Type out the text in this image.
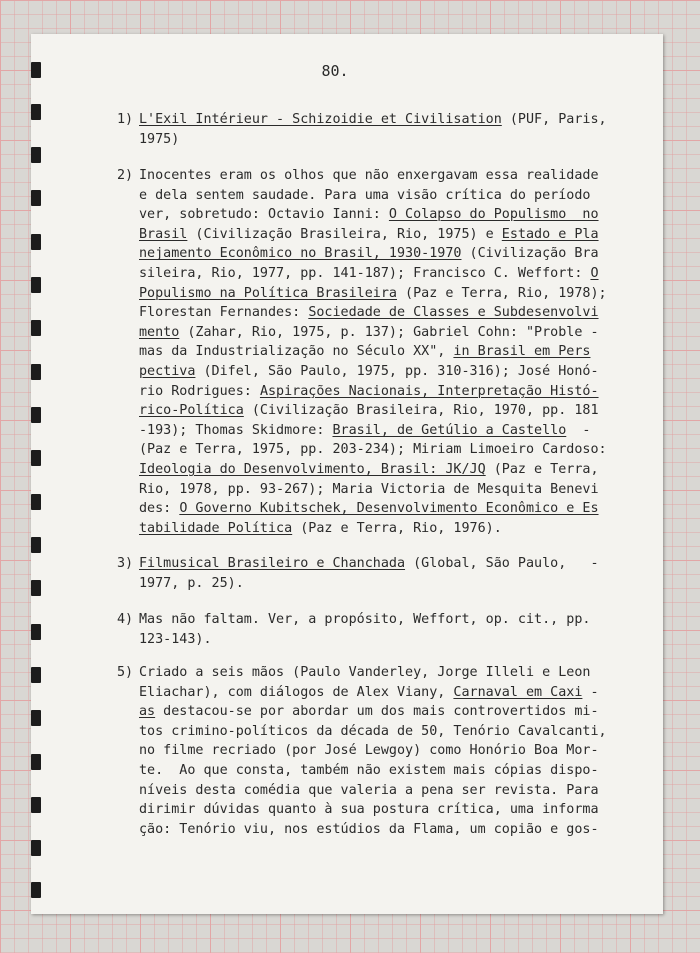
80.
1) L'Exil Intérieur - Schizoidie et Civilisation (PUF, Paris,
1975)
2) Inocentes eram os olhos que não enxergavam essa realidade
e dela sentem saudade. Para uma visão crítica do período
ver, sobretudo: Octavio Ianni: O Colapso do Populismo  no
Brasil (Civilização Brasileira, Rio, 1975) e Estado e Pla
nejamento Econômico no Brasil, 1930-1970 (Civilização Bra
sileira, Rio, 1977, pp. 141-187); Francisco C. Weffort: O
Populismo na Política Brasileira (Paz e Terra, Rio, 1978);
Florestan Fernandes: Sociedade de Classes e Subdesenvolvi
mento (Zahar, Rio, 1975, p. 137); Gabriel Cohn: "Proble -
mas da Industrialização no Século XX", in Brasil em Pers
pectiva (Difel, São Paulo, 1975, pp. 310-316); José Honó-
rio Rodrigues: Aspirações Nacionais, Interpretação Histó-
rico-Política (Civilização Brasileira, Rio, 1970, pp. 181
-193); Thomas Skidmore: Brasil, de Getúlio a Castello  -
(Paz e Terra, 1975, pp. 203-234); Miriam Limoeiro Cardoso:
Ideologia do Desenvolvimento, Brasil: JK/JQ (Paz e Terra,
Rio, 1978, pp. 93-267); Maria Victoria de Mesquita Benevi
des: O Governo Kubitschek, Desenvolvimento Econômico e Es
tabilidade Política (Paz e Terra, Rio, 1976).
3) Filmusical Brasileiro e Chanchada (Global, São Paulo,   -
1977, p. 25).
4) Mas não faltam. Ver, a propósito, Weffort, op. cit., pp.
123-143).
5) Criado a seis mãos (Paulo Vanderley, Jorge Illeli e Leon
Eliachar), com diálogos de Alex Viany, Carnaval em Caxi -
as destacou-se por abordar um dos mais controvertidos mi-
tos crimino-políticos da década de 50, Tenório Cavalcanti,
no filme recriado (por José Lewgoy) como Honório Boa Mor-
te.  Ao que consta, também não existem mais cópias dispo-
níveis desta comédia que valeria a pena ser revista. Para
dirimir dúvidas quanto à sua postura crítica, uma informa
ção: Tenório viu, nos estúdios da Flama, um copião e gos-
